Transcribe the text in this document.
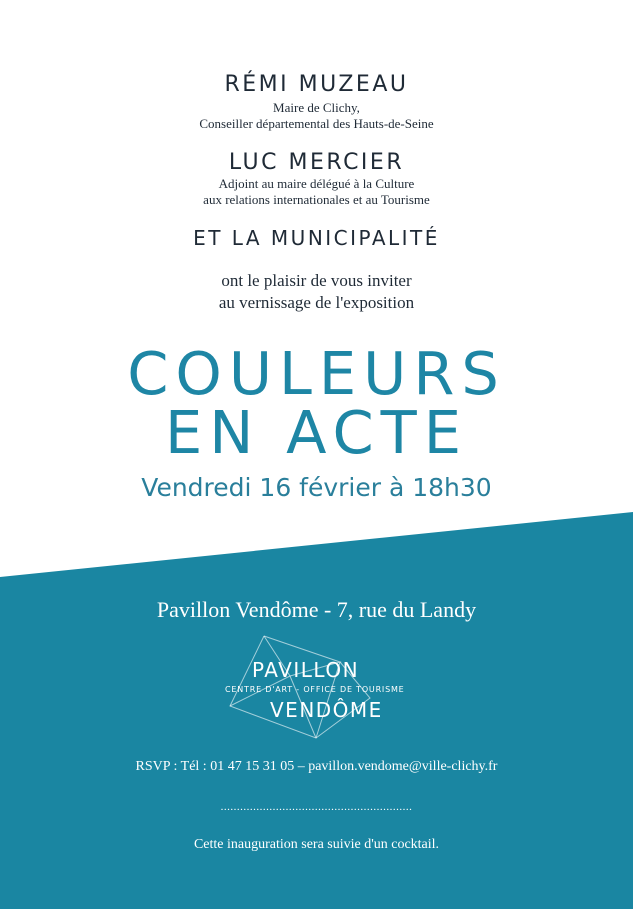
RÉMI MUZEAU
Maire de Clichy,
Conseiller départemental des Hauts-de-Seine
LUC MERCIER
Adjoint au maire délégué à la Culture
aux relations internationales et au Tourisme
ET LA MUNICIPALITÉ
ont le plaisir de vous inviter
au vernissage de l'exposition
COULEURS
EN ACTE
Vendredi 16 février à 18h30
Pavillon Vendôme - 7, rue du Landy
PAVILLON
CENTRE D'ART - OFFICE DE TOURISME
VENDÔME
RSVP : Tél : 01 47 15 31 05 – pavillon.vendome@ville-clichy.fr
...........................................................
Cette inauguration sera suivie d'un cocktail.
